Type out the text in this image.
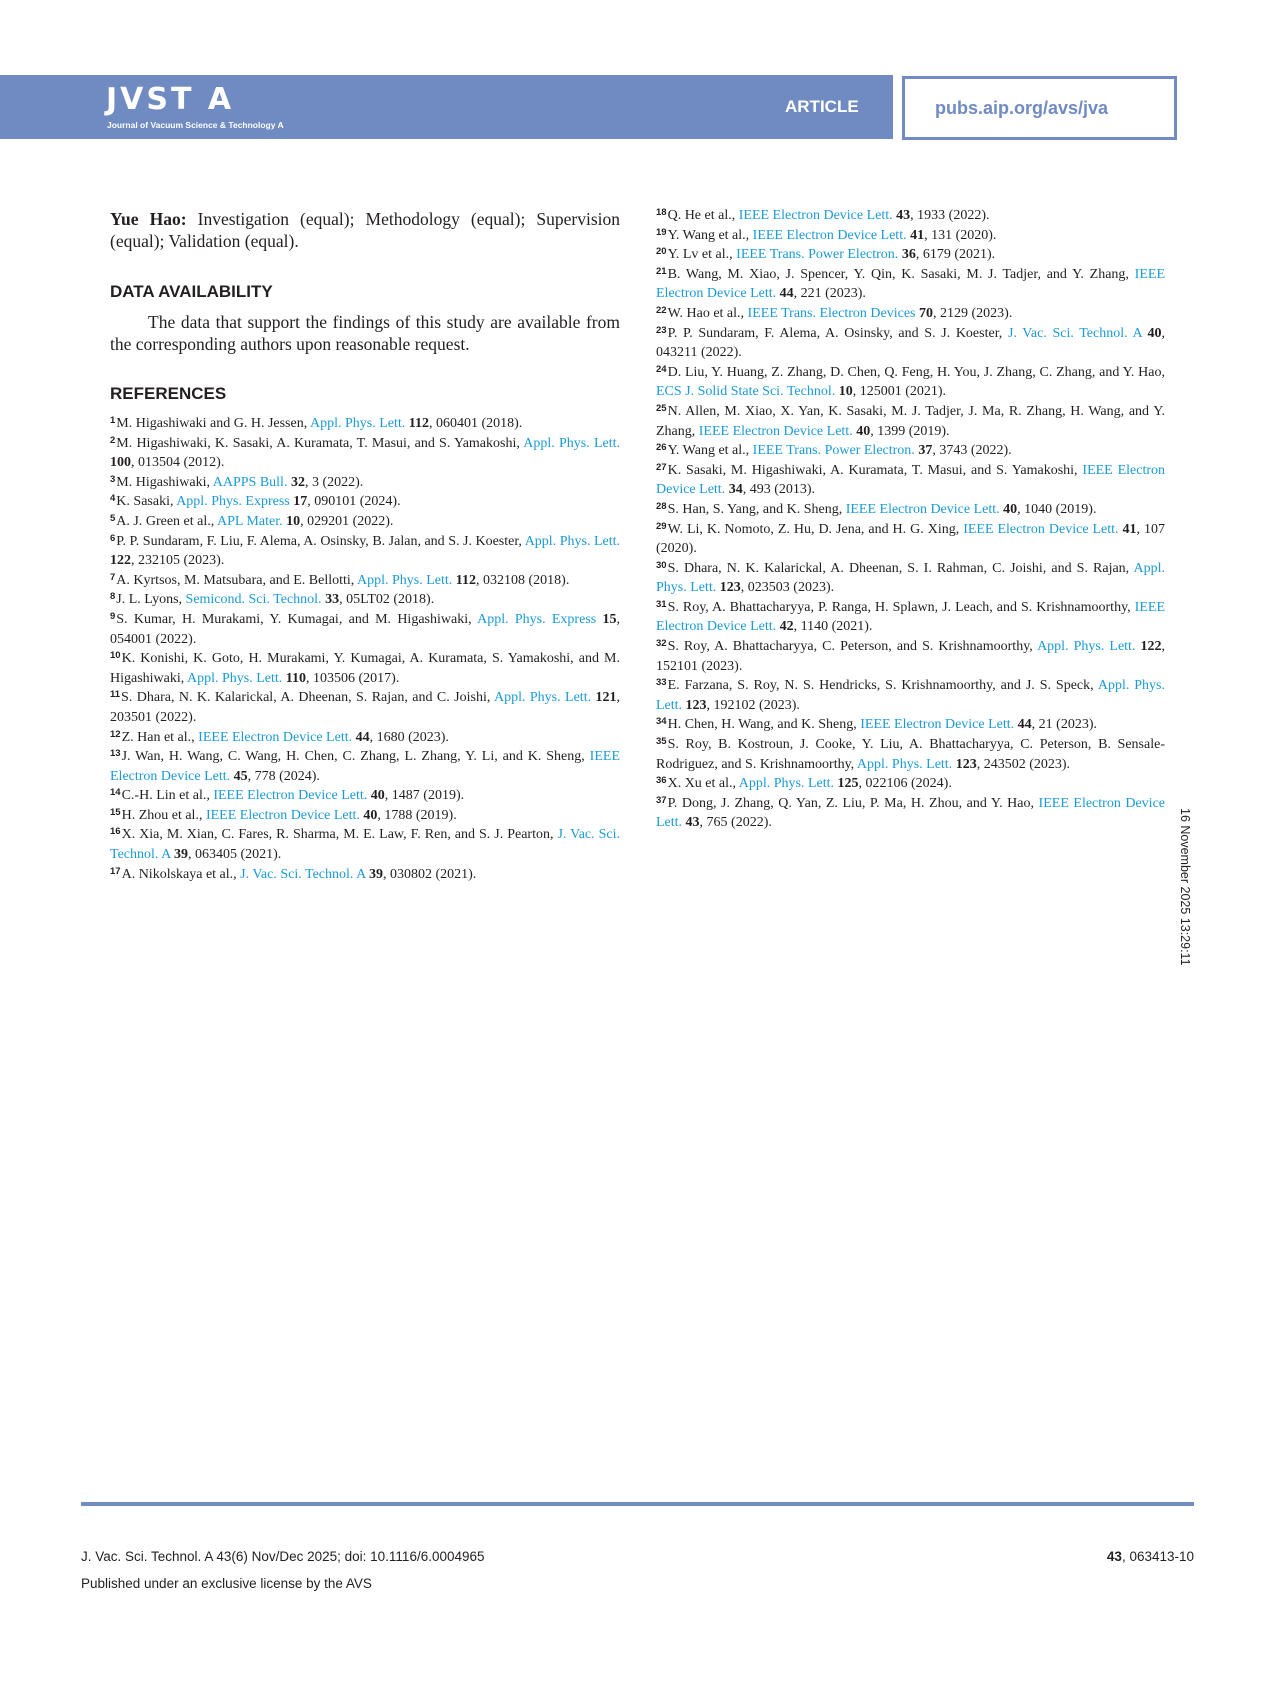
JVST A
Journal of Vacuum Science & Technology A
ARTICLE	pubs.aip.org/avs/jva

Yue Hao: Investigation (equal); Methodology (equal); Supervision (equal); Validation (equal).

DATA AVAILABILITY

The data that support the findings of this study are available from the corresponding authors upon reasonable request.

REFERENCES
$^1$M. Higashiwaki and G. H. Jessen, Appl. Phys. Lett. 112, 060401 (2018).
$^2$M. Higashiwaki, K. Sasaki, A. Kuramata, T. Masui, and S. Yamakoshi, Appl. Phys. Lett. 100, 013504 (2012).
$^3$M. Higashiwaki, AAPPS Bull. 32, 3 (2022).
$^4$K. Sasaki, Appl. Phys. Express 17, 090101 (2024).
$^5$A. J. Green et al., APL Mater. 10, 029201 (2022).
$^6$P. P. Sundaram, F. Liu, F. Alema, A. Osinsky, B. Jalan, and S. J. Koester, Appl. Phys. Lett. 122, 232105 (2023).
$^7$A. Kyrtsos, M. Matsubara, and E. Bellotti, Appl. Phys. Lett. 112, 032108 (2018).
$^8$J. L. Lyons, Semicond. Sci. Technol. 33, 05LT02 (2018).
$^9$S. Kumar, H. Murakami, Y. Kumagai, and M. Higashiwaki, Appl. Phys. Express 15, 054001 (2022).
$^{10}$K. Konishi, K. Goto, H. Murakami, Y. Kumagai, A. Kuramata, S. Yamakoshi, and M. Higashiwaki, Appl. Phys. Lett. 110, 103506 (2017).
$^{11}$S. Dhara, N. K. Kalarickal, A. Dheenan, S. Rajan, and C. Joishi, Appl. Phys. Lett. 121, 203501 (2022).
$^{12}$Z. Han et al., IEEE Electron Device Lett. 44, 1680 (2023).
$^{13}$J. Wan, H. Wang, C. Wang, H. Chen, C. Zhang, L. Zhang, Y. Li, and K. Sheng, IEEE Electron Device Lett. 45, 778 (2024).
$^{14}$C.-H. Lin et al., IEEE Electron Device Lett. 40, 1487 (2019).
$^{15}$H. Zhou et al., IEEE Electron Device Lett. 40, 1788 (2019).
$^{16}$X. Xia, M. Xian, C. Fares, R. Sharma, M. E. Law, F. Ren, and S. J. Pearton, J. Vac. Sci. Technol. A 39, 063405 (2021).
$^{17}$A. Nikolskaya et al., J. Vac. Sci. Technol. A 39, 030802 (2021).
$^{18}$Q. He et al., IEEE Electron Device Lett. 43, 1933 (2022).
$^{19}$Y. Wang et al., IEEE Electron Device Lett. 41, 131 (2020).
$^{20}$Y. Lv et al., IEEE Trans. Power Electron. 36, 6179 (2021).
$^{21}$B. Wang, M. Xiao, J. Spencer, Y. Qin, K. Sasaki, M. J. Tadjer, and Y. Zhang, IEEE Electron Device Lett. 44, 221 (2023).
$^{22}$W. Hao et al., IEEE Trans. Electron Devices 70, 2129 (2023).
$^{23}$P. P. Sundaram, F. Alema, A. Osinsky, and S. J. Koester, J. Vac. Sci. Technol. A 40, 043211 (2022).
$^{24}$D. Liu, Y. Huang, Z. Zhang, D. Chen, Q. Feng, H. You, J. Zhang, C. Zhang, and Y. Hao, ECS J. Solid State Sci. Technol. 10, 125001 (2021).
$^{25}$N. Allen, M. Xiao, X. Yan, K. Sasaki, M. J. Tadjer, J. Ma, R. Zhang, H. Wang, and Y. Zhang, IEEE Electron Device Lett. 40, 1399 (2019).
$^{26}$Y. Wang et al., IEEE Trans. Power Electron. 37, 3743 (2022).
$^{27}$K. Sasaki, M. Higashiwaki, A. Kuramata, T. Masui, and S. Yamakoshi, IEEE Electron Device Lett. 34, 493 (2013).
$^{28}$S. Han, S. Yang, and K. Sheng, IEEE Electron Device Lett. 40, 1040 (2019).
$^{29}$W. Li, K. Nomoto, Z. Hu, D. Jena, and H. G. Xing, IEEE Electron Device Lett. 41, 107 (2020).
$^{30}$S. Dhara, N. K. Kalarickal, A. Dheenan, S. I. Rahman, C. Joishi, and S. Rajan, Appl. Phys. Lett. 123, 023503 (2023).
$^{31}$S. Roy, A. Bhattacharyya, P. Ranga, H. Splawn, J. Leach, and S. Krishnamoorthy, IEEE Electron Device Lett. 42, 1140 (2021).
$^{32}$S. Roy, A. Bhattacharyya, C. Peterson, and S. Krishnamoorthy, Appl. Phys. Lett. 122, 152101 (2023).
$^{33}$E. Farzana, S. Roy, N. S. Hendricks, S. Krishnamoorthy, and J. S. Speck, Appl. Phys. Lett. 123, 192102 (2023).
$^{34}$H. Chen, H. Wang, and K. Sheng, IEEE Electron Device Lett. 44, 21 (2023).
$^{35}$S. Roy, B. Kostroun, J. Cooke, Y. Liu, A. Bhattacharyya, C. Peterson, B. Sensale-Rodriguez, and S. Krishnamoorthy, Appl. Phys. Lett. 123, 243502 (2023).
$^{36}$X. Xu et al., Appl. Phys. Lett. 125, 022106 (2024).
$^{37}$P. Dong, J. Zhang, Q. Yan, Z. Liu, P. Ma, H. Zhou, and Y. Hao, IEEE Electron Device Lett. 43, 765 (2022).	16 November 2025 13:29:11
J. Vac. Sci. Technol. A 43(6) Nov/Dec 2025; doi: 10.1116/6.0004965
Published under an exclusive license by the AVS
43, 063413-10
